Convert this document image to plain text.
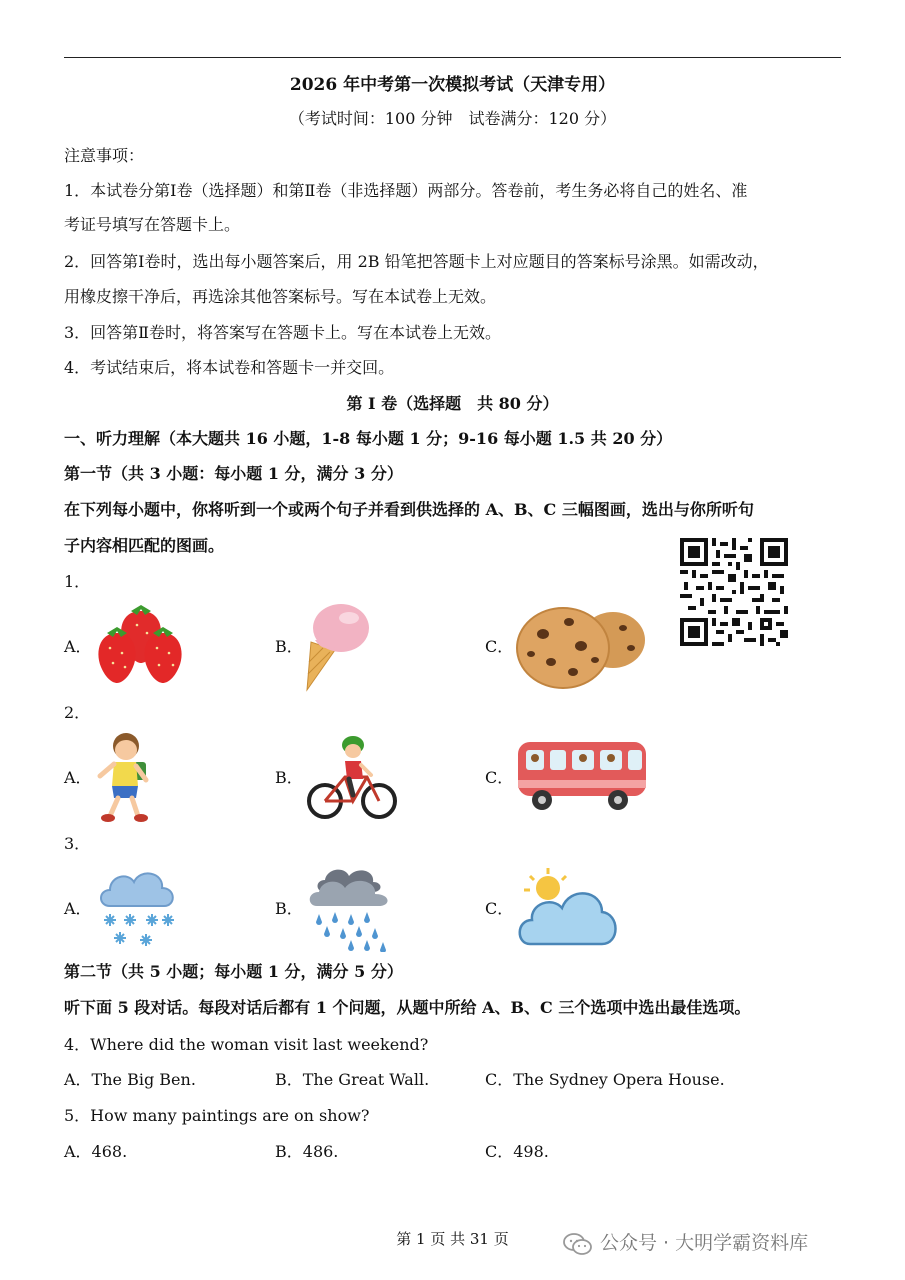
2026 年中考第一次模拟考试（天津专用）
（考试时间：100 分钟　试卷满分：120 分）
注意事项：
1．本试卷分第Ⅰ卷（选择题）和第Ⅱ卷（非选择题）两部分。答卷前，考生务必将自己的姓名、准
考证号填写在答题卡上。
2．回答第Ⅰ卷时，选出每小题答案后，用 2B 铅笔把答题卡上对应题目的答案标号涂黑。如需改动，
用橡皮擦干净后，再选涂其他答案标号。写在本试卷上无效。
3．回答第Ⅱ卷时，将答案写在答题卡上。写在本试卷上无效。
4．考试结束后，将本试卷和答题卡一并交回。
第 I 卷（选择题　共 80 分）
一、听力理解（本大题共 16 小题，1-8 每小题 1 分；9-16 每小题 1.5 共 20 分）
第一节（共 3 小题：每小题 1 分，满分 3 分）
在下列每小题中，你将听到一个或两个句子并看到供选择的 A、B、C 三幅图画，选出与你所听句
子内容相匹配的图画。
1．
A．	B．	C．
2．
A．	B．	C．
3．
A．	B．	C．
第二节（共 5 小题；每小题 1 分，满分 5 分）
听下面 5 段对话。每段对话后都有 1 个问题，从题中所给 A、B、C 三个选项中选出最佳选项。
4．Where did the woman visit last weekend?
A．The Big Ben.	B．The Great Wall.	C．The Sydney Opera House.
5．How many paintings are on show?
A．468.	B．486.	C．498.
第 1 页 共 31 页	公众号 · 大明学霸资料库
